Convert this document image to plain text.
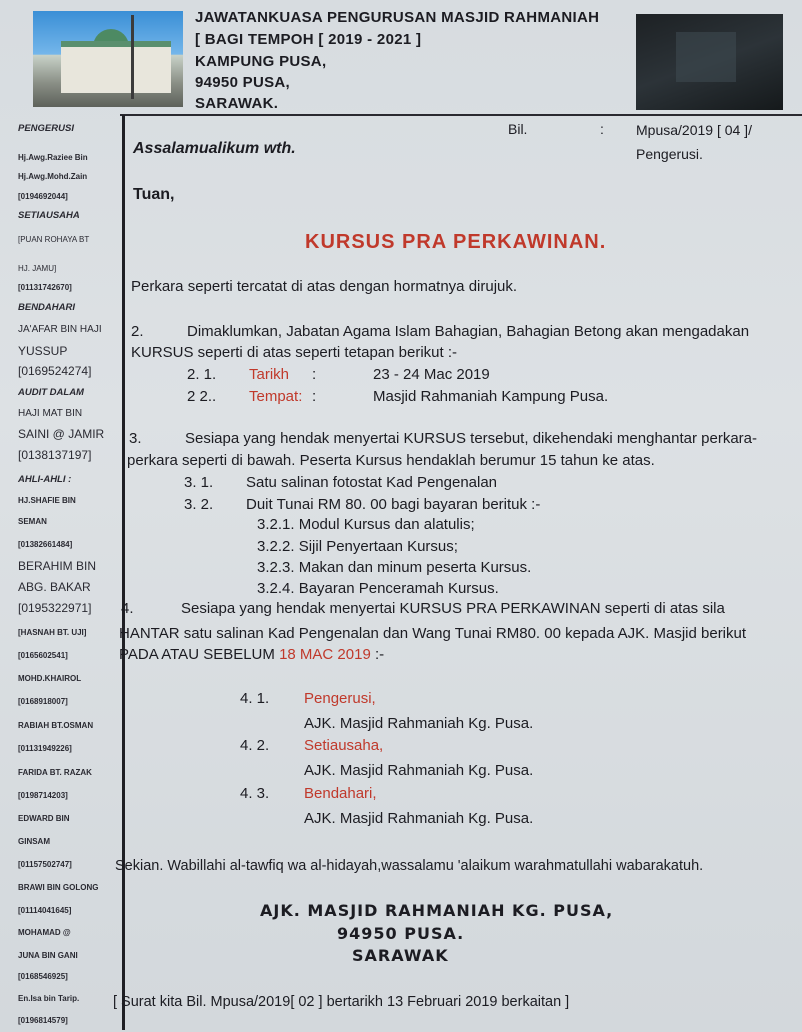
JAWATANKUASA PENGURUSAN MASJID RAHMANIAH
[ BAGI TEMPOH [ 2019 - 2021 ]
KAMPUNG PUSA,
94950 PUSA,
SARAWAK.
Bil.	: Mpusa/2019 [ 04 ]/
Pengerusi.
PENGERUSI
Hj.Awg.Raziee Bin
Hj.Awg.Mohd.Zain
[0194692044]
SETIAUSAHA
[PUAN ROHAYA BT
HJ. JAMU]
[01131742670]
BENDAHARI
JA'AFAR BIN HAJI
YUSSUP
[0169524274]
AUDIT DALAM
HAJI MAT BIN
SAINI @ JAMIR
[0138137197]
AHLI-AHLI :
HJ.SHAFIE BIN
SEMAN
[01382661484]
BERAHIM BIN
ABG. BAKAR
[0195322971]
[HASNAH BT. UJI]
[0165602541]
MOHD.KHAIROL
[0168918007]
RABIAH BT.OSMAN
[01131949226]
FARIDA BT. RAZAK
[0198714203]
EDWARD BIN
GINSAM
[01157502747]
BRAWI BIN GOLONG
[01114041645]
MOHAMAD @
JUNA BIN GANI
[0168546925]
En.Isa bin Tarip.
[0196814579]
Assalamualikum wth.
Tuan,
KURSUS PRA PERKAWINAN.
Perkara seperti tercatat di atas dengan hormatnya dirujuk.
2.	Dimaklumkan, Jabatan Agama Islam Bahagian, Bahagian Betong akan mengadakan
KURSUS seperti di atas seperti tetapan berikut :-
2. 1. Tarikh :	23 - 24 Mac 2019
2 2.. Tempat: :	Masjid Rahmaniah Kampung Pusa.
3.	Sesiapa yang hendak menyertai KURSUS tersebut, dikehendaki menghantar perkara-
perkara seperti di bawah. Peserta Kursus hendaklah berumur 15 tahun ke atas.
3. 1. Satu salinan fotostat Kad Pengenalan
3. 2. Duit Tunai RM 80. 00 bagi bayaran berituk :-
3.2.1. Modul Kursus dan alatulis;
3.2.2. Sijil Penyertaan Kursus;
3.2.3. Makan dan minum peserta Kursus.
3.2.4. Bayaran Penceramah Kursus.
4.	Sesiapa yang hendak menyertai KURSUS PRA PERKAWINAN seperti di atas sila
HANTAR satu salinan Kad Pengenalan dan Wang Tunai RM80. 00 kepada AJK. Masjid berikut
PADA ATAU SEBELUM 18 MAC 2019 :-
4. 1. Pengerusi,
AJK. Masjid Rahmaniah Kg. Pusa.
4. 2. Setiausaha,
AJK. Masjid Rahmaniah Kg. Pusa.
4. 3. Bendahari,
AJK. Masjid Rahmaniah Kg. Pusa.
Sekian. Wabillahi al-tawfiq wa al-hidayah,wassalamu 'alaikum warahmatullahi wabarakatuh.
AJK. MASJID RAHMANIAH KG. PUSA,
94950 PUSA.
SARAWAK
[ Surat kita Bil. Mpusa/2019[ 02 ] bertarikh 13 Februari 2019 berkaitan ]
